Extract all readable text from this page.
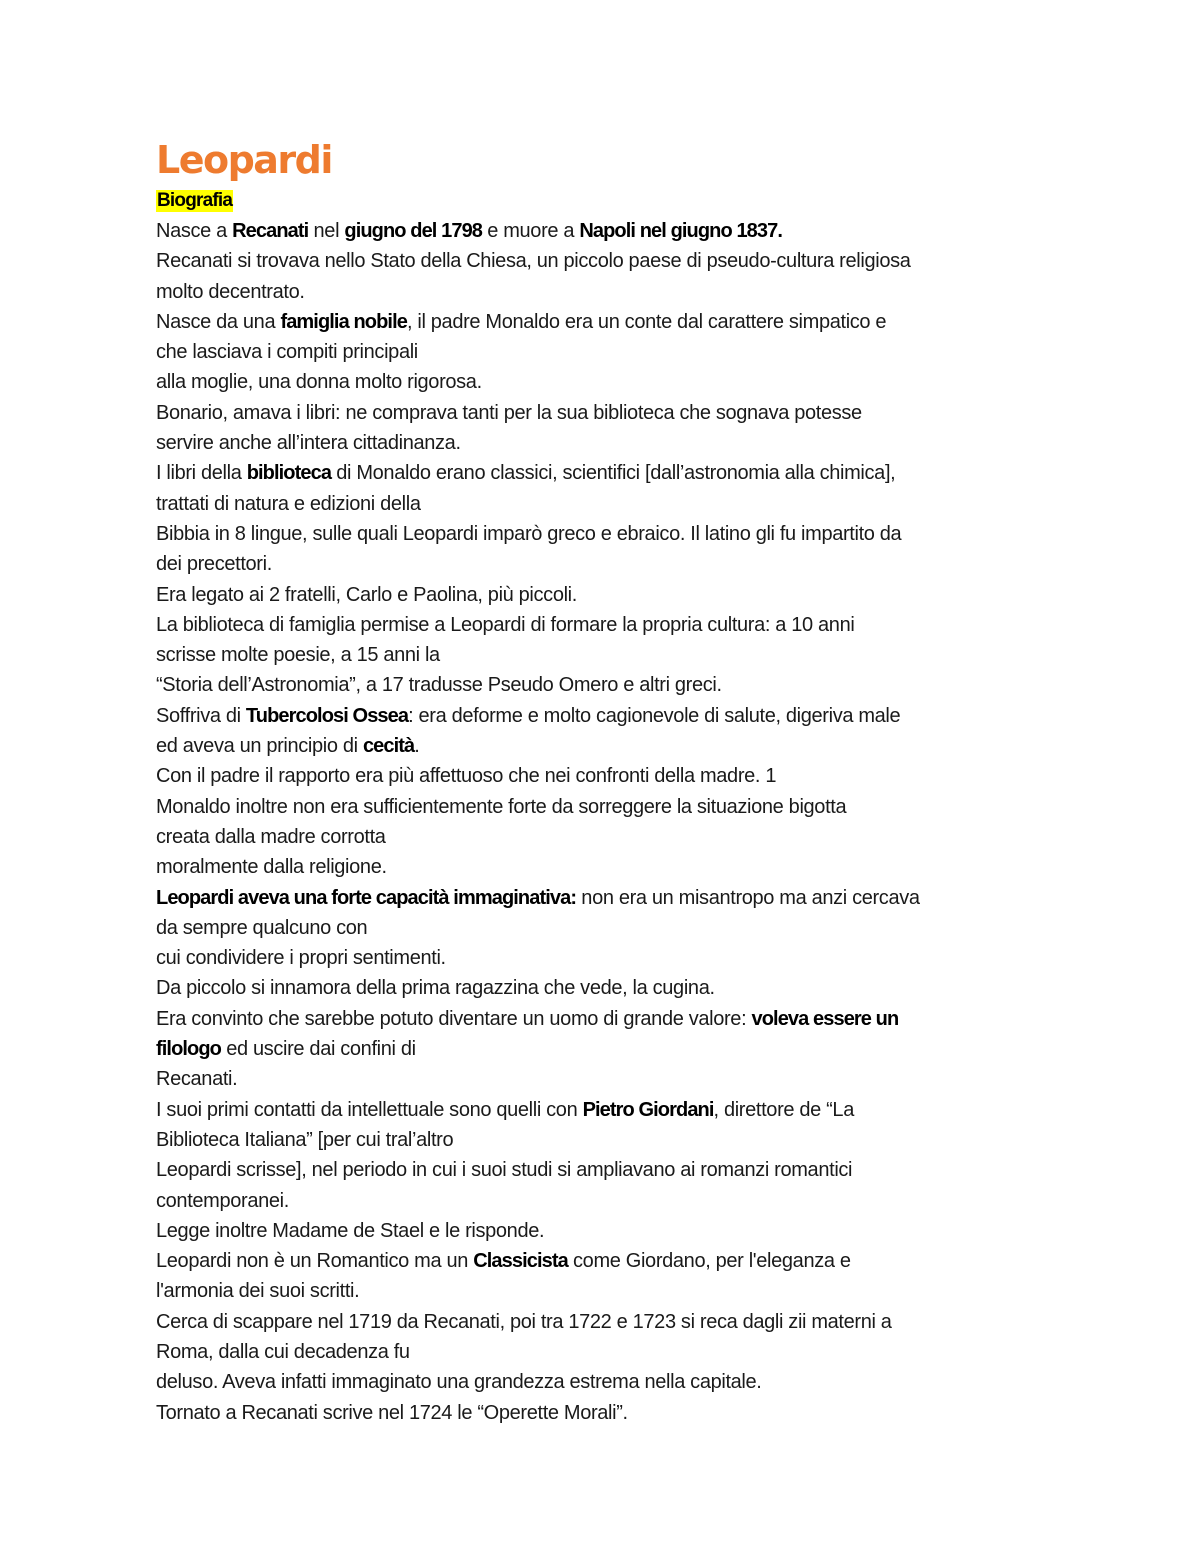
Leopardi
Biografia
Nasce a Recanati nel giugno del 1798 e muore a Napoli nel giugno 1837.
Recanati si trovava nello Stato della Chiesa, un piccolo paese di pseudo-cultura religiosa
molto decentrato.
Nasce da una famiglia nobile, il padre Monaldo era un conte dal carattere simpatico e
che lasciava i compiti principali
alla moglie, una donna molto rigorosa.
Bonario, amava i libri: ne comprava tanti per la sua biblioteca che sognava potesse
servire anche all’intera cittadinanza.
I libri della biblioteca di Monaldo erano classici, scientifici [dall’astronomia alla chimica],
trattati di natura e edizioni della
Bibbia in 8 lingue, sulle quali Leopardi imparò greco e ebraico. Il latino gli fu impartito da
dei precettori.
Era legato ai 2 fratelli, Carlo e Paolina, più piccoli.
La biblioteca di famiglia permise a Leopardi di formare la propria cultura: a 10 anni
scrisse molte poesie, a 15 anni la
“Storia dell’Astronomia”, a 17 tradusse Pseudo Omero e altri greci.
Soffriva di Tubercolosi Ossea: era deforme e molto cagionevole di salute, digeriva male
ed aveva un principio di cecità.
Con il padre il rapporto era più affettuoso che nei confronti della madre. 1
Monaldo inoltre non era sufficientemente forte da sorreggere la situazione bigotta
creata dalla madre corrotta
moralmente dalla religione.
Leopardi aveva una forte capacità immaginativa: non era un misantropo ma anzi cercava
da sempre qualcuno con
cui condividere i propri sentimenti.
Da piccolo si innamora della prima ragazzina che vede, la cugina.
Era convinto che sarebbe potuto diventare un uomo di grande valore: voleva essere un
filologo ed uscire dai confini di
Recanati.
I suoi primi contatti da intellettuale sono quelli con Pietro Giordani, direttore de “La
Biblioteca Italiana” [per cui tral’altro
Leopardi scrisse], nel periodo in cui i suoi studi si ampliavano ai romanzi romantici
contemporanei.
Legge inoltre Madame de Stael e le risponde.
Leopardi non è un Romantico ma un Classicista come Giordano, per l'eleganza e
l'armonia dei suoi scritti.
Cerca di scappare nel 1719 da Recanati, poi tra 1722 e 1723 si reca dagli zii materni a
Roma, dalla cui decadenza fu
deluso. Aveva infatti immaginato una grandezza estrema nella capitale.
Tornato a Recanati scrive nel 1724 le “Operette Morali”.
